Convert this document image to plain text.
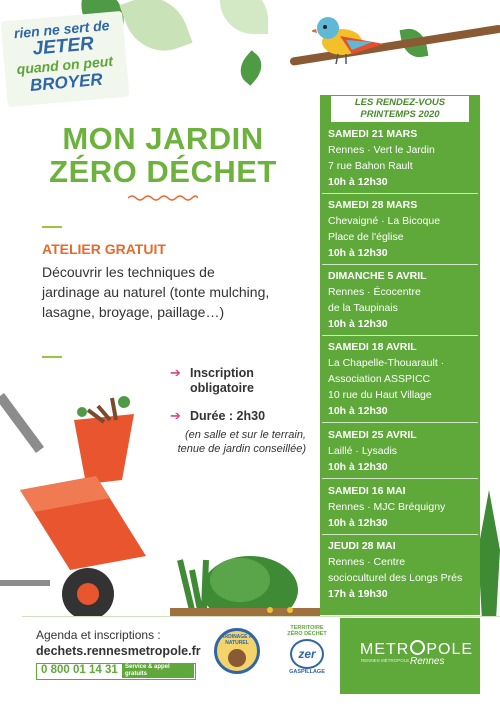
rien ne sert de
JETER
quand on peut
BROYER
MON JARDIN
ZÉRO DÉCHET
ATELIER GRATUIT
Découvrir les techniques de jardinage au naturel (tonte mulching, lasagne, broyage, paillage…)
➔ Inscription obligatoire
➔ Durée : 2h30
(en salle et sur le terrain, tenue de jardin conseillée)
LES RENDEZ-VOUS
PRINTEMPS 2020
SAMEDI 21 MARS
Rennes · Vert le Jardin
7 rue Bahon Rault
10h à 12h30
SAMEDI 28 MARS
Chevaigné · La Bicoque
Place de l'église
10h à 12h30
DIMANCHE 5 AVRIL
Rennes · Écocentre
de la Taupinais
10h à 12h30
SAMEDI 18 AVRIL
La Chapelle-Thouarault ·
Association ASSPICC
10 rue du Haut Village
10h à 12h30
SAMEDI 25 AVRIL
Laillé · Lysadis
10h à 12h30
SAMEDI 16 MAI
Rennes · MJC Bréquigny
10h à 12h30
JEUDI 28 MAI
Rennes · Centre
socioculturel des Longs Prés
17h à 19h30
Agenda et inscriptions :
dechets.rennesmetropole.fr
0 800 01 14 31 Service & appel
gratuits
JARDINAGE AU NATUREL
TERRITOIRE
ZÉRO DÉCHET
zer
GASPILLAGE
METR POLE
Rennes
RENNES MÉTROPOLE
